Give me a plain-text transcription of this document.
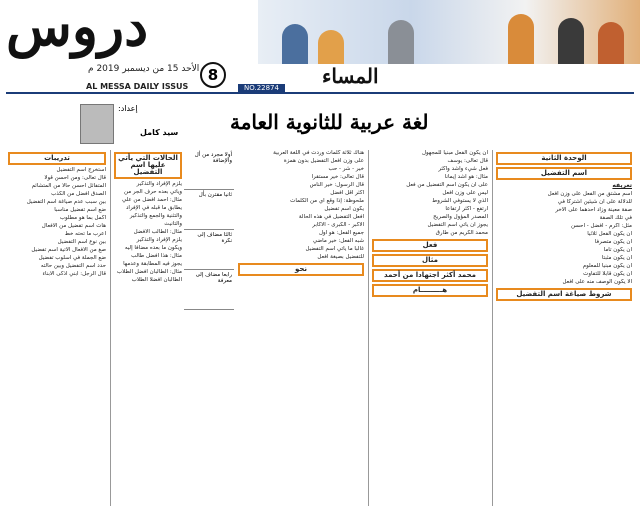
دروس
الأحد 15 من ديسمبر 2019 م 8
AL MESSA DAILY ISSUS	NO.22874	المساء
إعداد:
سيد كامل	لغة عربية للثانوية العامة
الوحدة الثانية
اسم التفضيل
تعريفه

اسم مشتق من الفعل على وزن أفعل

للدلالة على أن شيئين اشتركا في

صفة معينة وزاد أحدهما على الآخر

في تلك الصفة

مثل: أكرم - أفضل - أحسن

أن يكون الفعل ثلاثيا

أن يكون متصرفا

أن يكون تاما

أن يكون مثبتا

أن يكون مبنيا للمعلوم

أن يكون قابلا للتفاوت

ألا يكون الوصف منه على أفعل

شروط صياغة اسم التفضيل

أن يكون الفعل مبنيا للمجهول

قال تعالى: يوسف

فعل شيء وأشد وأكثر

مثال: هو أشد إيمانا

على أن يكون اسم التفضيل من فعل

ليس على وزن أفعل

الذي لا يستوفي الشروط

أرتفع - أكثر ارتفاعا

المصدر المؤول والصريح

يجوز أن يأتي اسم التفضيل

محمد الكريم من طارق

فعل
مثال
محمد أكثر اجتهادا من أحمد
هـــــــــام

هناك ثلاثة كلمات وردت في اللغة العربية

على وزن أفعل التفضيل بدون همزة

خير - شر - حب

قال تعالى: خير مستقرا

قال الرسول: خير الناس

أكثر أقل أفضل

ملحوظة: إذا وقع أي من الكلمات

يكون اسم تفضيل

أفعل التفضيل في هذه الحالة

الأكبر - الكبرى - الأكابر

جميع الفعل: هو أول

شبه الفعل: خير ماضي

غالبا ما يأتي اسم التفضيل

للتفضيل بصيغة أفعل

نحو
أولا مجرد من أل والإضافة
ثانيا مقترن بأل
ثالثا مضاف إلى نكرة
رابعا مضاف إلى معرفة
الحالات التي يأتي عليها اسم التفضيل

يلزم الإفراد والتذكير

ويأتي بعده حرف الجر من

مثال: أحمد أفضل من علي

يطابق ما قبله في الإفراد

والتثنية والجمع والتذكير

والتأنيث

مثال: الطالب الأفضل

يلزم الإفراد والتذكير

ويكون ما بعده مضافا إليه

مثال: هذا أفضل طالب

يجوز فيه المطابقة وعدمها

مثال: الطالبان أفضل الطلاب

الطالبان أفضلا الطلاب

تدريبات

استخرج اسم التفضيل

قال تعالى: ومن أحسن قولا

المتفائل أحسن حالا من المتشائم

الصدق أفضل من الكذب

بين سبب عدم صياغة اسم التفضيل

ضع اسم تفضيل مناسبا

أكمل بما هو مطلوب

هات اسم تفضيل من الأفعال

أعرب ما تحته خط

بين نوع اسم التفضيل

صغ من الأفعال الآتية اسم تفضيل

ضع الجملة في أسلوب تفضيل

حدد اسم التفضيل وبين حالته

قال الرجل: ابني أذكى الأبناء
